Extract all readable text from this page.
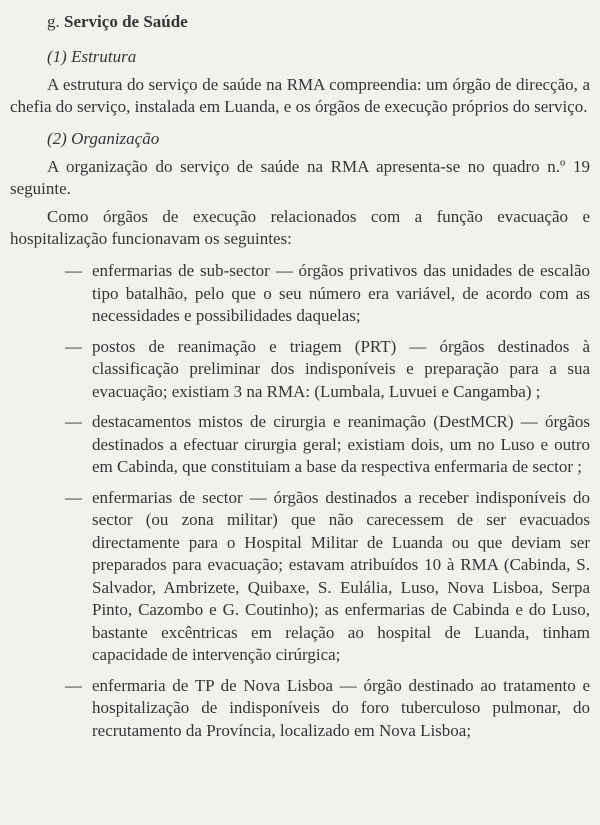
g. Serviço de Saúde
(1) Estrutura

A estrutura do serviço de saúde na RMA compreendia: um órgão de direcção, a chefia do serviço, instalada em Luanda, e os órgãos de execução próprios do serviço.

(2) Organização

A organização do serviço de saúde na RMA apresenta-se no quadro n.º 19 seguinte.

Como órgãos de execução relacionados com a função evacuação e hospitalização funcionavam os seguintes:

— enfermarias de sub-sector — órgãos privativos das unidades de escalão tipo batalhão, pelo que o seu número era variável, de acordo com as necessidades e possibilidades daquelas;
— postos de reanimação e triagem (PRT) — órgãos destinados à classificação preliminar dos indisponíveis e preparação para a sua evacuação; existiam 3 na RMA: (Lumbala, Luvuei e Cangamba) ;
— destacamentos mistos de cirurgia e reanimação (DestMCR) — órgãos destinados a efectuar cirurgia geral; existiam dois, um no Luso e outro em Cabinda, que constituiam a base da respectiva enfermaria de sector ;
— enfermarias de sector — órgãos destinados a receber indisponíveis do sector (ou zona militar) que não carecessem de ser evacuados directamente para o Hospital Militar de Luanda ou que deviam ser preparados para evacuação; estavam atribuídos 10 à RMA (Cabinda, S. Salvador, Ambrizete, Quibaxe, S. Eulália, Luso, Nova Lisboa, Serpa Pinto, Cazombo e G. Coutinho); as enfermarias de Cabinda e do Luso, bastante excêntricas em relação ao hospital de Luanda, tinham capacidade de intervenção cirúrgica;
— enfermaria de TP de Nova Lisboa — órgão destinado ao tratamento e hospitalização de indisponíveis do foro tuberculoso pulmonar, do recrutamento da Província, localizado em Nova Lisboa;
